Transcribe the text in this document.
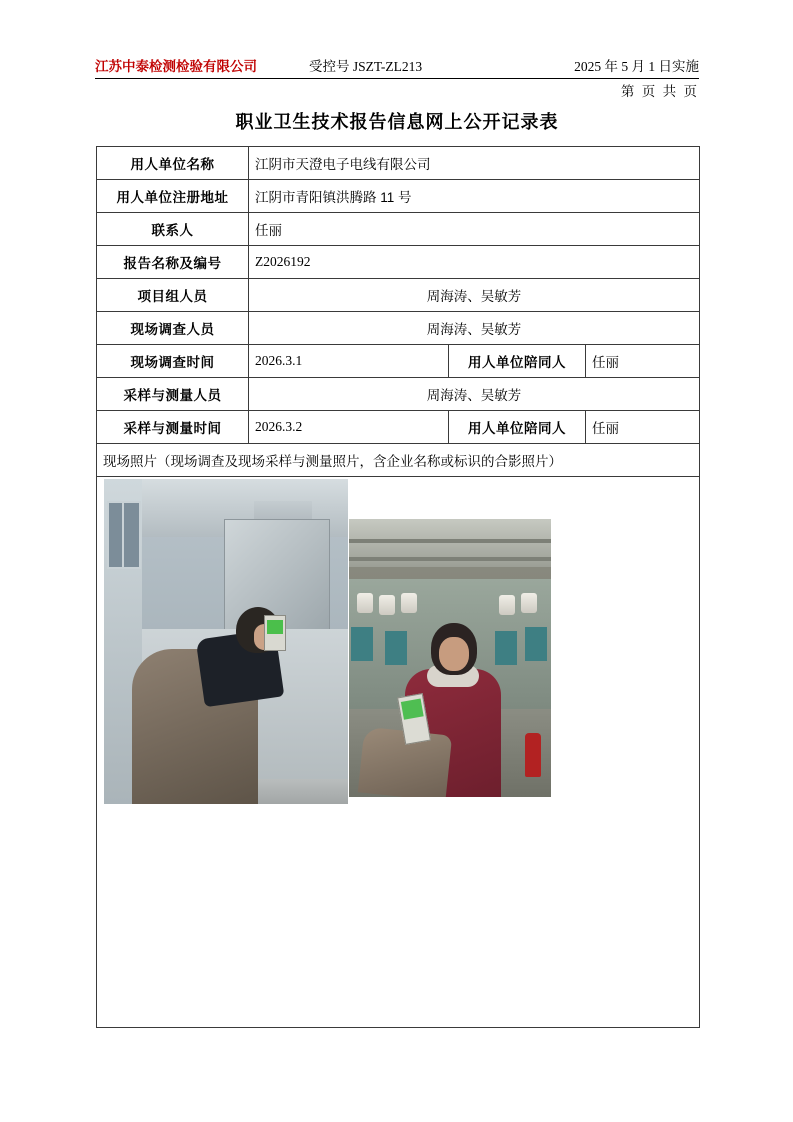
江苏中泰检测检验有限公司	受控号 JSZT-ZL213	2025 年 5 月 1 日实施
第 页 共 页
职业卫生技术报告信息网上公开记录表
用人单位名称	江阴市天澄电子电线有限公司		
用人单位注册地址	江阴市青阳镇洪腾路 11 号		
联系人	任丽		
报告名称及编号	Z2026192		
项目组人员	周海涛、吴敏芳		
现场调查人员	周海涛、吴敏芳		
现场调查时间	2026.3.1	用人单位陪同人	任丽
采样与测量人员	周海涛、吴敏芳		
采样与测量时间	2026.3.2	用人单位陪同人	任丽
现场照片（现场调查及现场采样与测量照片，含企业名称或标识的合影照片）			
